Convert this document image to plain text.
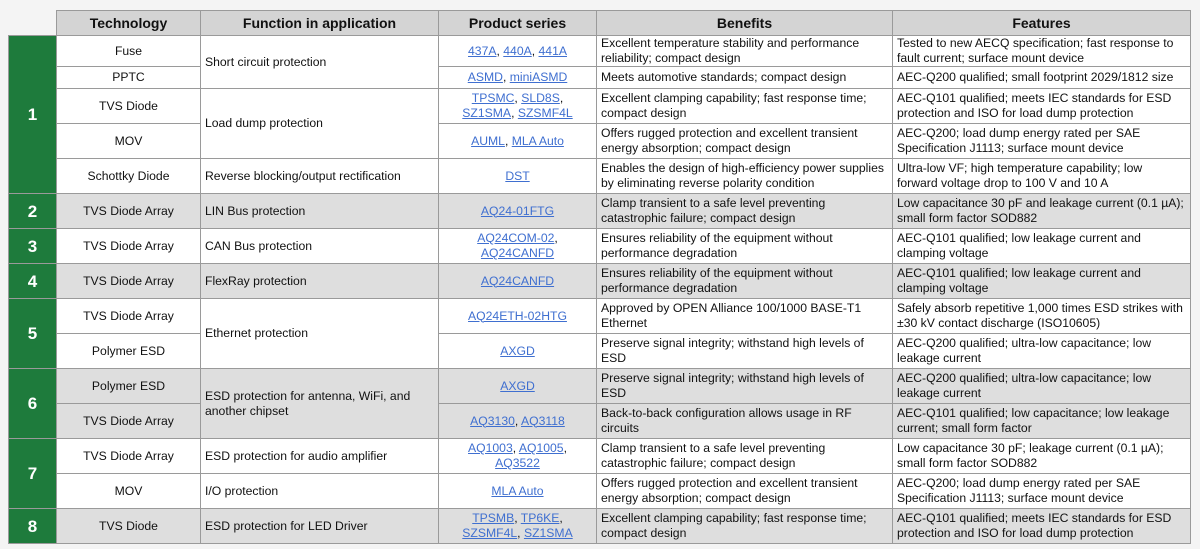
	Technology	Function in application	Product series	Benefits	Features
1	Fuse	Short circuit protection	437A, 440A, 441A	Excellent temperature stability and performance reliability; compact design	Tested to new AECQ specification; fast response to fault current; surface mount device
	PPTC		ASMD, miniASMD	Meets automotive standards; compact design	AEC-Q200 qualified; small footprint 2029/1812 size
	TVS Diode	Load dump protection	TPSMC, SLD8S,
SZ1SMA, SZSMF4L	Excellent clamping capability; fast response time; compact design	AEC-Q101 qualified; meets IEC standards for ESD protection and ISO for load dump protection
	MOV		AUML, MLA Auto	Offers rugged protection and excellent transient energy absorption; compact design	AEC-Q200; load dump energy rated per SAE Specification J1113; surface mount device
	Schottky Diode	Reverse blocking/output rectification	DST	Enables the design of high-efficiency power supplies by eliminating reverse polarity condition	Ultra-low VF; high temperature capability; low forward voltage drop to 100 V and 10 A
2	TVS Diode Array	LIN Bus protection	AQ24-01FTG	Clamp transient to a safe level preventing catastrophic failure; compact design	Low capacitance 30 pF and leakage current (0.1 µA); small form factor SOD882
3	TVS Diode Array	CAN Bus protection	AQ24COM-02,
AQ24CANFD	Ensures reliability of the equipment without performance degradation	AEC-Q101 qualified; low leakage current and clamping voltage
4	TVS Diode Array	FlexRay protection	AQ24CANFD	Ensures reliability of the equipment without performance degradation	AEC-Q101 qualified; low leakage current and clamping voltage
5	TVS Diode Array	Ethernet protection	AQ24ETH-02HTG	Approved by OPEN Alliance 100/1000 BASE-T1 Ethernet	Safely absorb repetitive 1,000 times ESD strikes with ±30 kV contact discharge (ISO10605)
	Polymer ESD		AXGD	Preserve signal integrity; withstand high levels of ESD	AEC-Q200 qualified; ultra-low capacitance; low leakage current
6	Polymer ESD	ESD protection for antenna, WiFi, and another chipset	AXGD	Preserve signal integrity; withstand high levels of ESD	AEC-Q200 qualified; ultra-low capacitance; low leakage current
	TVS Diode Array		AQ3130, AQ3118	Back-to-back configuration allows usage in RF circuits	AEC-Q101 qualified; low capacitance; low leakage current; small form factor
7	TVS Diode Array	ESD protection for audio amplifier	AQ1003, AQ1005,
AQ3522	Clamp transient to a safe level preventing catastrophic failure; compact design	Low capacitance 30 pF; leakage current (0.1 µA); small form factor SOD882
	MOV	I/O protection	MLA Auto	Offers rugged protection and excellent transient energy absorption; compact design	AEC-Q200; load dump energy rated per SAE Specification J1113; surface mount device
8	TVS Diode	ESD protection for LED Driver	TPSMB, TP6KE,
SZSMF4L, SZ1SMA	Excellent clamping capability; fast response time; compact design	AEC-Q101 qualified; meets IEC standards for ESD protection and ISO for load dump protection
